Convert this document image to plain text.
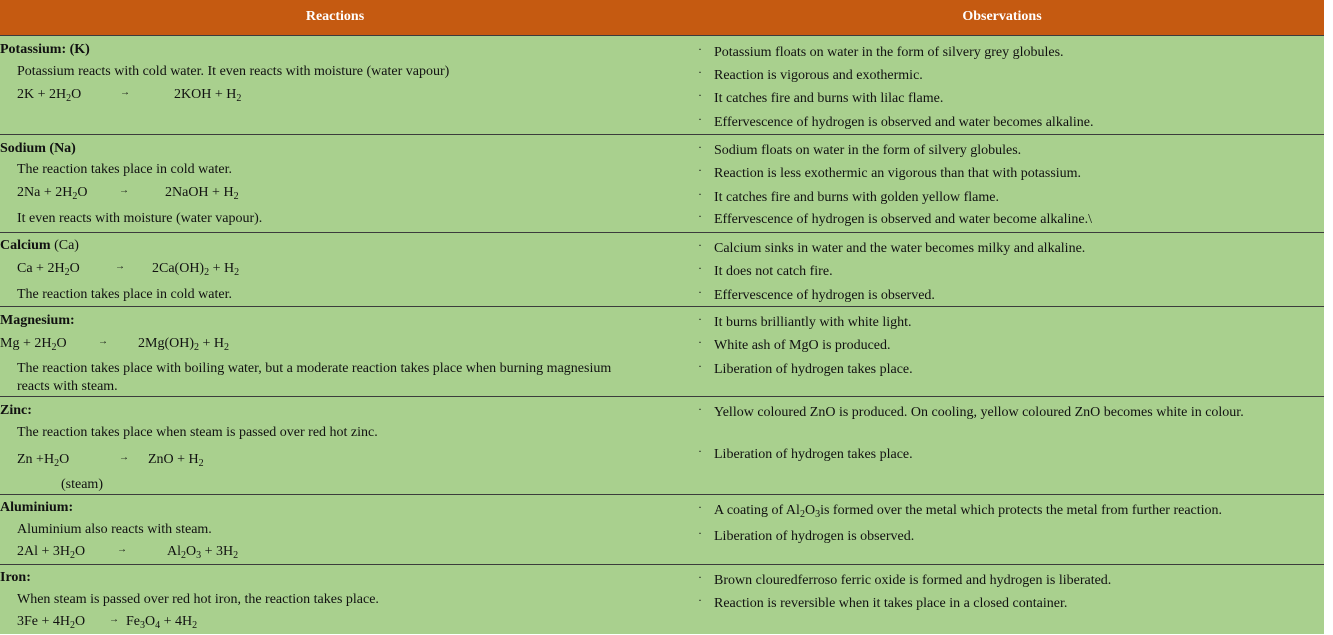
Reactions	Observations
Potassium: (K)
Potassium reacts with cold water. It even reacts with moisture (water vapour)
$2K + 2H_2O$	→	$2KOH + H_2$
· Potassium floats on water in the form of silvery grey globules.
· Reaction is vigorous and exothermic.
· It catches fire and burns with lilac flame.
· Effervescence of hydrogen is observed and water becomes alkaline.
Sodium (Na)
The reaction takes place in cold water.
$2Na + 2H_2O$	→	2NaOH + $H_2$
It even reacts with moisture (water vapour).
· Sodium floats on water in the form of silvery globules.
· Reaction is less exothermic an vigorous than that with potassium.
· It catches fire and burns with golden yellow flame.
· Effervescence of hydrogen is observed and water become alkaline.\
Calcium (Ca)
$Ca + 2H_2O$	→ $2Ca(OH)_2 + H_2$
The reaction takes place in cold water.
· Calcium sinks in water and the water becomes milky and alkaline.
· It does not catch fire.
· Effervescence of hydrogen is observed.
Magnesium:
$Mg + 2H_2O$	→ $2Mg(OH)_2 + H_2$
The reaction takes place with boiling water, but a moderate reaction takes place when burning magnesium reacts with steam.
· It burns brilliantly with white light.
· White ash of MgO is produced.
· Liberation of hydrogen takes place.
Zinc:
The reaction takes place when steam is passed over red hot zinc.
$Zn +H_2O$	→ ZnO + $H_2$
(steam)
· Yellow coloured ZnO is produced. On cooling, yellow coloured ZnO becomes white in colour.
· Liberation of hydrogen takes place.
Aluminium:
Aluminium also reacts with steam.
$2Al + 3H_2O$	→	$Al_2O_3 + 3H_2$
· A coating of $Al_2O_3is$ formed over the metal which protects the metal from further reaction.
· Liberation of hydrogen is observed.
Iron:
When steam is passed over red hot iron, the reaction takes place.
$3Fe + 4H_2O \to Fe_3O_4 + 4H_2$
· Brown clouredferroso ferric oxide is formed and hydrogen is liberated.
· Reaction is reversible when it takes place in a closed container.
